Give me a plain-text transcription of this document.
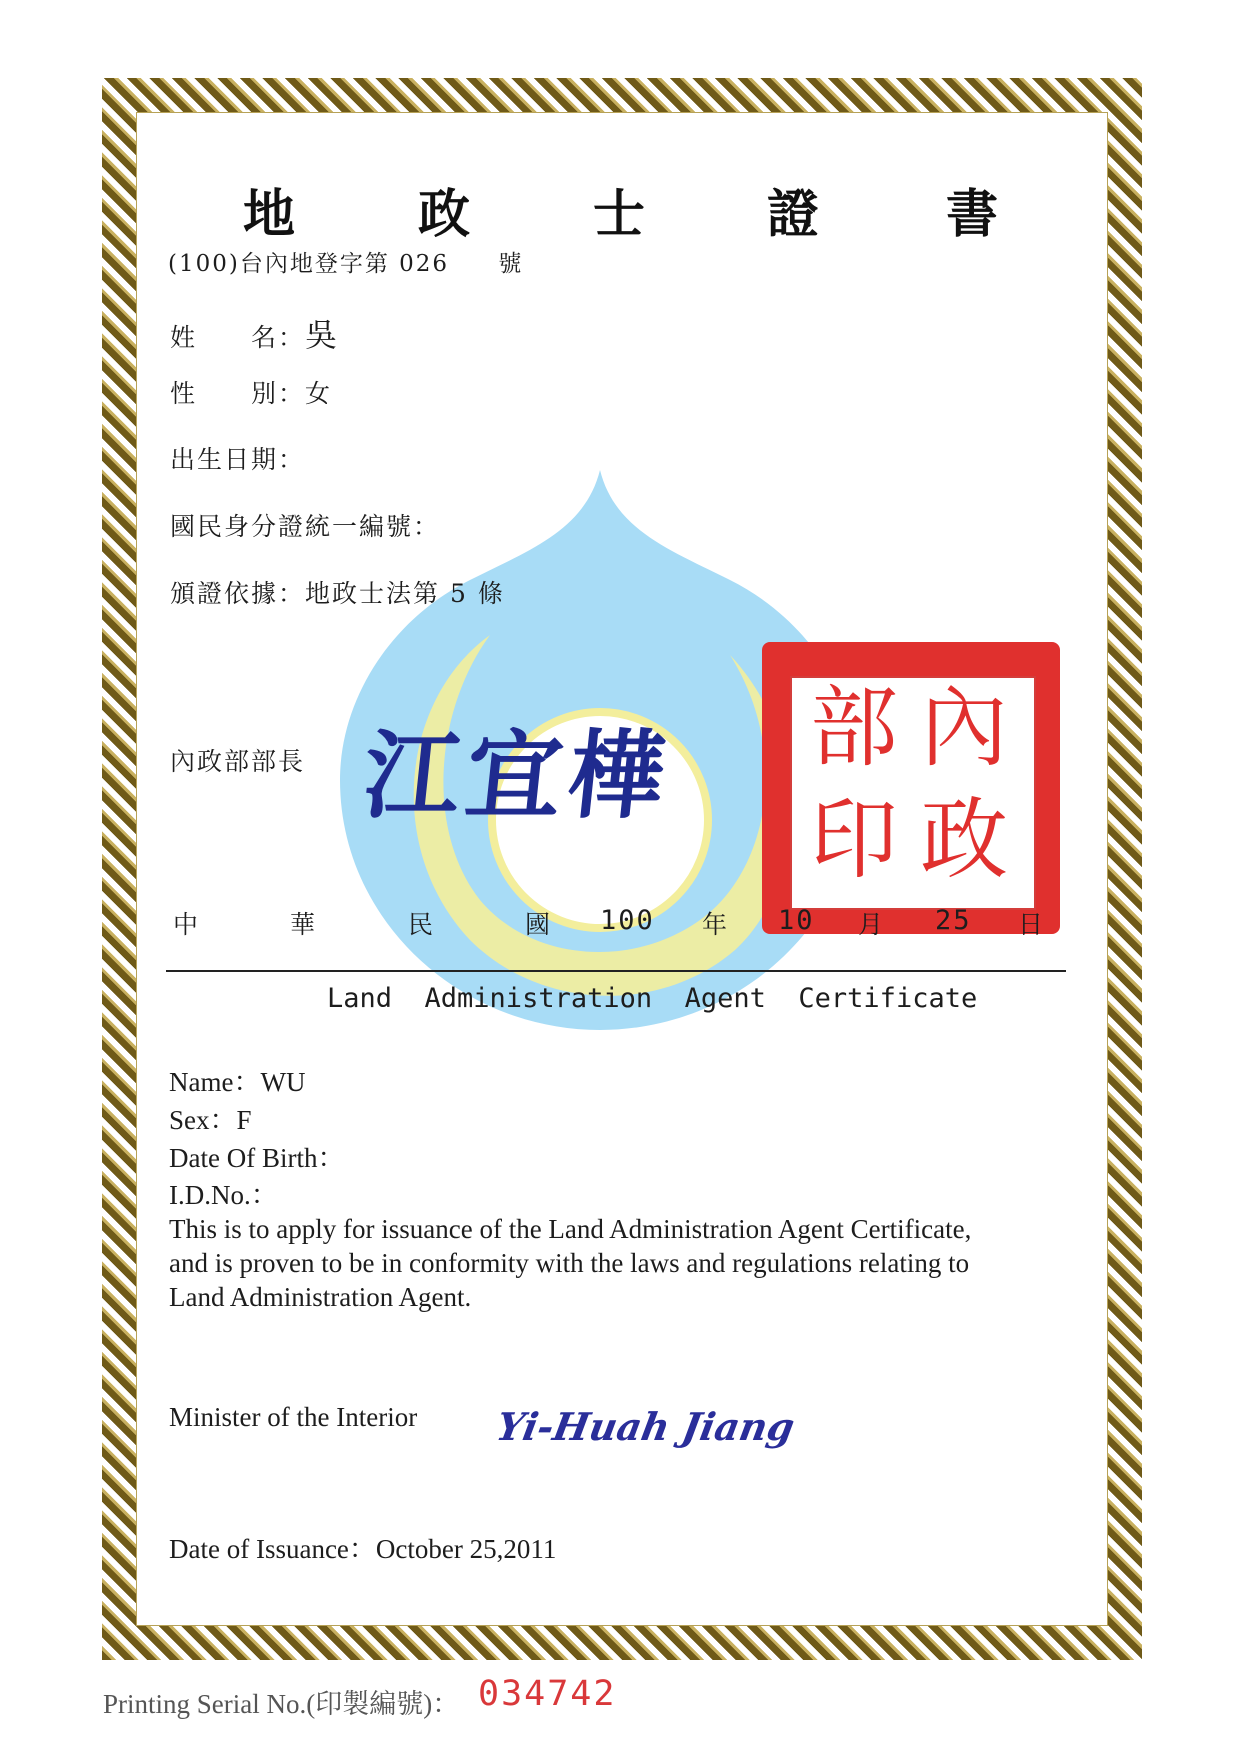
地 政 士 證 書
(100)台內地登字第 026 號
姓　　名：吳
性　　別：女
出生日期：
國民身分證統一編號：
頒證依據：地政士法第 5 條
內政部部長 江宜樺	內
政
部
印
中	華	民	國 100 年 10 月 25 日
Land  Administration  Agent  Certificate
Name：WU
Sex：F
Date Of Birth：
I.D.No.：
This is to apply for issuance of the Land Administration Agent Certificate,
and is proven to be in conformity with the laws and regulations relating to
Land Administration Agent.
Minister of the Interior Yi-Huah Jiang
Date of Issuance：October 25,2011
Printing Serial No.(印製編號)： 034742
